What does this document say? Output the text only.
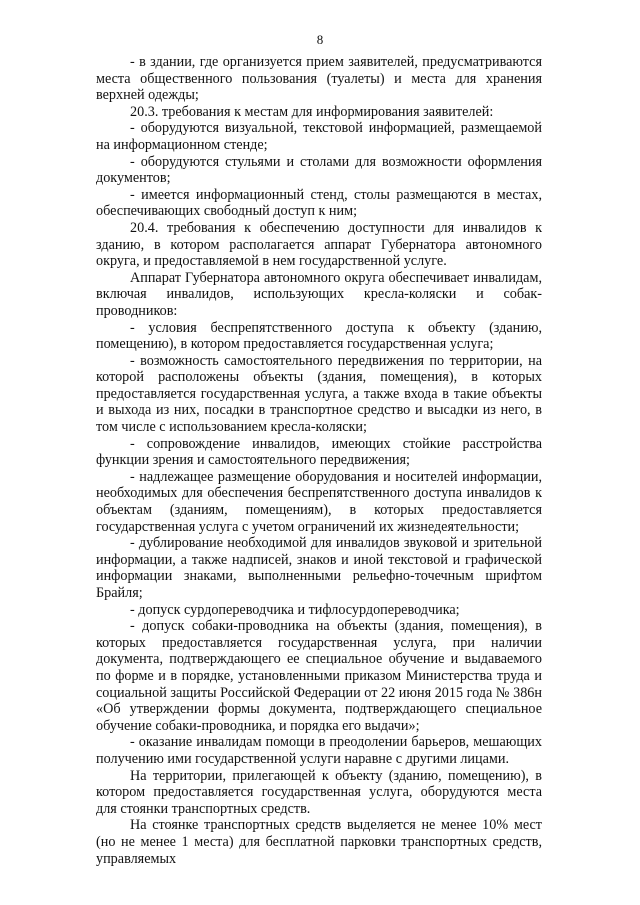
8

- в здании, где организуется прием заявителей, предусматриваются места общественного пользования (туалеты) и места для хранения верхней одежды;

20.3. требования к местам для информирования заявителей:

- оборудуются визуальной, текстовой информацией, размещаемой на информационном стенде;

- оборудуются стульями и столами для возможности оформления документов;

- имеется информационный стенд, столы размещаются в местах, обеспечивающих свободный доступ к ним;

20.4. требования к обеспечению доступности для инвалидов к зданию, в котором располагается аппарат Губернатора автономного округа, и предоставляемой в нем государственной услуге.

Аппарат Губернатора автономного округа обеспечивает инвалидам, включая инвалидов, использующих кресла-коляски и собак-проводников:

- условия беспрепятственного доступа к объекту (зданию, помещению), в котором предоставляется государственная услуга;

- возможность самостоятельного передвижения по территории, на которой расположены объекты (здания, помещения), в которых предоставляется государственная услуга, а также входа в такие объекты и выхода из них, посадки в транспортное средство и высадки из него, в том числе с использованием кресла-коляски;

- сопровождение инвалидов, имеющих стойкие расстройства функции зрения и самостоятельного передвижения;

- надлежащее размещение оборудования и носителей информации, необходимых для обеспечения беспрепятственного доступа инвалидов к объектам (зданиям, помещениям), в которых предоставляется государственная услуга с учетом ограничений их жизнедеятельности;

- дублирование необходимой для инвалидов звуковой и зрительной информации, а также надписей, знаков и иной текстовой и графической информации знаками, выполненными рельефно-точечным шрифтом Брайля;

- допуск сурдопереводчика и тифлосурдопереводчика;

- допуск собаки-проводника на объекты (здания, помещения), в которых предоставляется государственная услуга, при наличии документа, подтверждающего ее специальное обучение и выдаваемого по форме и в порядке, установленными приказом Министерства труда и социальной защиты Российской Федерации от 22 июня 2015 года № 386н «Об утверждении формы документа, подтверждающего специальное обучение собаки-проводника, и порядка его выдачи»;

- оказание инвалидам помощи в преодолении барьеров, мешающих получению ими государственной услуги наравне с другими лицами.

На территории, прилегающей к объекту (зданию, помещению), в котором предоставляется государственная услуга, оборудуются места для стоянки транспортных средств.

На стоянке транспортных средств выделяется не менее 10% мест (но не менее 1 места) для бесплатной парковки транспортных средств, управляемых
